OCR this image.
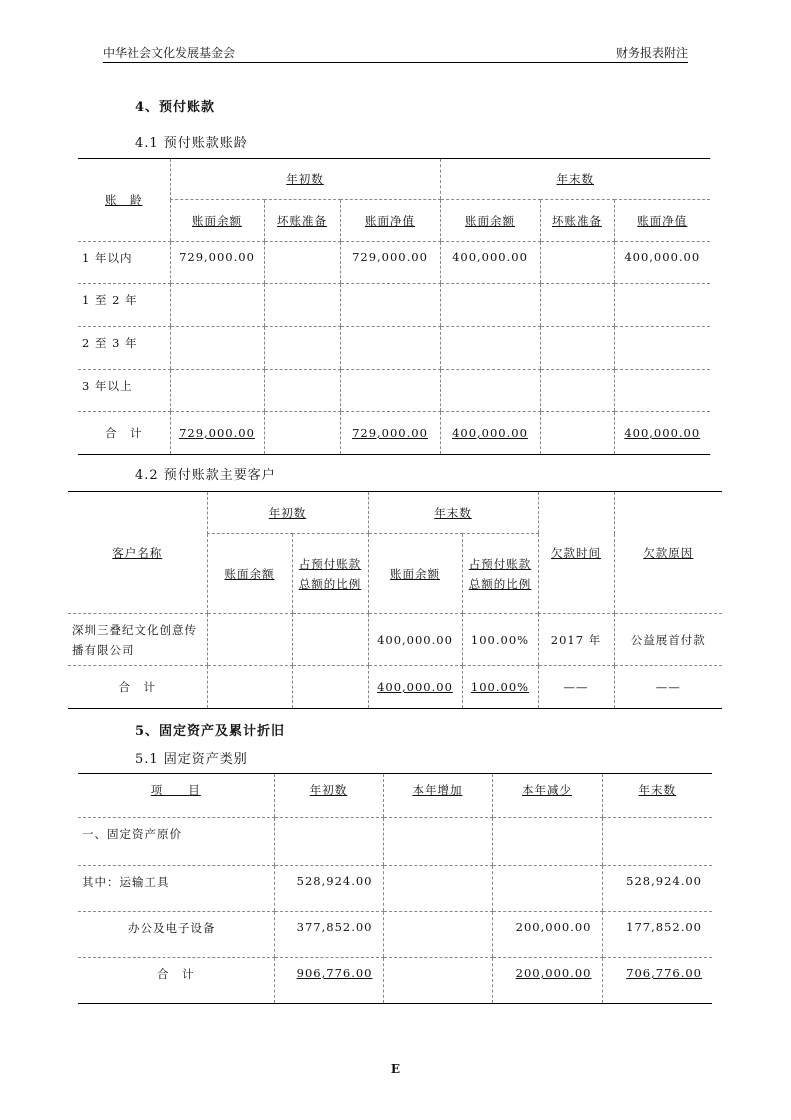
中华社会文化发展基金会	财务报表附注
4、预付账款
4.1 预付账款账龄
账　龄	年初数			年末数		
	账面余额	坏账准备	账面净值	账面余额	坏账准备	账面净值
1 年以内	729,000.00		729,000.00	400,000.00		400,000.00
1 至 2 年						
2 至 3 年						
3 年以上						
合　计	729,000.00		729,000.00	400,000.00		400,000.00
4.2 预付账款主要客户
客户名称	年初数		年末数		欠款时间	欠款原因
	账面余额	占预付账款总额的比例	账面余额	占预付账款总额的比例		
深圳三叠纪文化创意传播有限公司			400,000.00	100.00%	2017 年	公益展首付款
合　计			400,000.00	100.00%	——	——
5、固定资产及累计折旧
5.1 固定资产类别
项　　目	年初数	本年增加	本年减少	年末数
一、固定资产原价				
其中：运输工具	528,924.00			528,924.00
办公及电子设备	377,852.00		200,000.00	177,852.00
合　计	906,776.00		200,000.00	706,776.00
E
